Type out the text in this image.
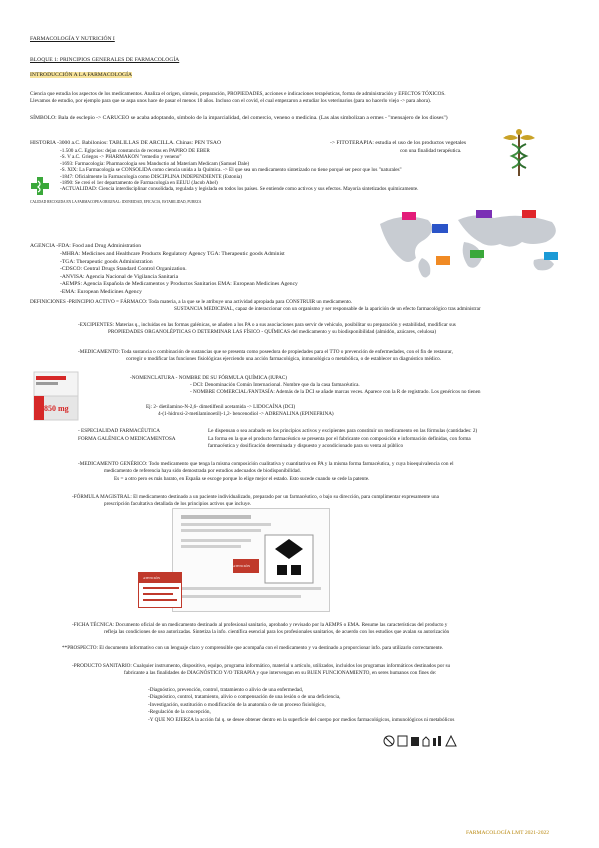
FARMACOLOGÍA Y NUTRICIÓN I
BLOQUE 1: PRINCIPIOS GENERALES DE FARMACOLOGÍA
INTRODUCCIÓN A LA FARMACOLOGÍA
Ciencia que estudia los aspectos de los medicamentos. Analiza el origen, síntesis, preparación, PROPIEDADES, acciones e indicaciones terapéuticas, forma de administración y EFECTOS TÓXICOS.
Llevamos de estudio, por ejemplo para que se aspa unos hace de pasar el menos 10 años. Incluso con el covid, el cual empezaron a estudiar los veterinarios (para no hacerlo viejo -> para ahora).
SÍMBOLO: Bala de esclepio -> CARUCEO se acaba adoptando, símbolo de la imparcialidad, del comercio, veneno o medicina. (Las alas simbolizan a ermes - "mensajero de los dioses")
HISTORIA -3000 a.C. Babilonios: TABLILLAS DE ARCILLA. Chinas: PEN TSAO	-> FITOTERAPIA: estudia el uso de los productos vegetales
con una finalidad terapéutica.
-1.500 a.C. Egipcios: dejan constancia de recetas en PAPIRO DE EBER
-S. V a.C. Griegos -> PHARMAKON "remedio y veneno"
-1693: Farmacología: Pharmacologia seu Manductio ad Materiam Medicam (Samuel Dale)
-S. XIX: La Farmacología se CONSOLIDA como ciencia unida a la Química. -> El que sea un medicamento sintetizado no tiene porqué ser peor que los "naturales"
-1847: Oficialmente la Farmacología como DISCIPLINA INDEPENDIENTE (Estonia)
-1890: Se creó el 1er departamento de Farmacología en EEUU (Jacob Abel)
-ACTUALIDAD: Ciencia interdisciplinar consolidada, regulada y legislada en todos los países. Se entiende como activos y sus efectos. Mayoría sintetizados químicamente.
CALIDAD RECOGIDA EN LA FARMACOPEA ORIGINAL: IDONEIDAD, EFICACIA, ESTABILIDAD, PUREZA
AGENCIA -FDA: Food and Drug Administration
-MHRA: Medicines and Healthcare Products Regulatory Agency TGA: Therapeutic goods Administ
-TGA: Therapeutic goods Administration
-CDSCO: Central Drugs Standard Control Organization.
-ANVISA: Agencia Nacional de Vigilancia Sanitaria
-AEMPS: Agencia Española de Medicamentos y Productos Sanitarios EMA: European Medicines Agency
-EMA: European Medicines Agency
DEFINICIONES -PRINCIPIO ACTIVO = FÁRMACO: Toda materia, a la que se le atribuye una actividad apropiada para CONSTRUIR un medicamento.
SUSTANCIA MEDICINAL, capaz de interaccionar con un organismo y ser responsable de la aparición de un efecto farmacológico tras administrar
-EXCIPIENTES: Materias q., incluidas en las formas galénicas, se añaden a los PA o a sus asociaciones para servir de vehículo, posibilitar su preparación y estabilidad, modificar sus
PROPIEDADES ORGANOLÉPTICAS O DETERMINAR LAS FÍSICO - QUÍMICAS del medicamento y su biodisponibilidad (almidón, azúcares, celulosa)
-MEDICAMENTO: Toda sustancia o combinación de sustancias que se presenta como poseedora de propiedades para el TTO o prevención de enfermedades, con el fin de restaurar,
corregir o modificar las funciones fisiológicas ejerciendo una acción farmacológica, inmunológica o metabólica, o de establecer un diagnóstico médico.
850 mg
-NOMENCLATURA - NOMBRE DE SU FÓRMULA QUÍMICA (IUPAC)
- DCI: Denominación Común Internacional. Nombre que da la casa farmacéutica.
- NOMBRE COMERCIAL/FANTASÍA: Además de la DCI se añade marcas veces. Aparece con la R de registrado. Los genéricos no tienen
Ej: 2- dietilamino-N-2,6- dimetilfenil acetamida -> LIDOCAÍNA (DCI)
4-(1-hidroxi-2-metilaminoetil)-1,2- bencenodiol -> ADRENALINA (EPINEFRINA)
- ESPECIALIDAD FARMACÉUTICA	Le dispensan o sea acabado en los principios activos y excipientes para constituir un medicamento en las fórmulas (cantidades: 2)
FORMA GALÉNICA O MEDICAMENTOSA	La forma en la que el producto farmacéutico se presenta por el fabricante con composición e información definidas, con forma
farmacéutica y dosificación determinada y dispuesto y acondicionado para su venta al público
-MEDICAMENTO GENÉRICO: Todo medicamento que tenga la misma composición cualitativa y cuantitativa en PA y la misma forma farmacéutica, y cuya bioequivalencia con el
medicamento de referencia haya sido demostrada por estudios adecuados de biodisponibilidad.
Es = a otro pero es más barato, en España se escoge porque lo elige mejor el estado. Esto sucede cuando se cede la patente.
-FÓRMULA MAGISTRAL: El medicamento destinado a un paciente individualizado, preparado por un farmacéutico, o bajo su dirección, para cumplimentar expresamente una
prescripción facultativa detallada de los principios activos que incluye.
ATENCIÓN
ATENCIÓN
-FICHA TÉCNICA: Documento oficial de un medicamento destinado al profesional sanitario, aprobado y revisado por la AEMPS o EMA. Resume las características del producto y
refleja las condiciones de uso autorizadas. Sintetiza la info. científica esencial para los profesionales sanitarios, de acuerdo con los estudios que avalan su autorización
**PROSPECTO: El documento informativo con un lenguaje claro y comprensible que acompaña con el medicamento y va destinado a proporcionar info. para utilizarlo correctamente.
-PRODUCTO SANITARIO: Cualquier instrumento, dispositivo, equipo, programa informático, material u artículo, utilizados, incluidos los programas informáticos destinados por su
fabricante a las finalidades de DIAGNÓSTICO Y/O TERAPIA y que intervengan en su BUEN FUNCIONAMIENTO, en seres humanos con fines de:
-Diagnóstico, prevención, control, tratamiento o alivio de una enfermedad,
-Diagnóstico, control, tratamiento, alivio o compensación de una lesión o de una deficiencia,
-Investigación, sustitución o modificación de la anatomía o de un proceso fisiológico,
-Regulación de la concepción,
-Y QUE NO EJERZA la acción fal q. se desee obtener dentro en la superficie del cuerpo por medios farmacológicos, inmunológicos ni metabólicos
FARMACOLOGÍA LMT 2021-2022
